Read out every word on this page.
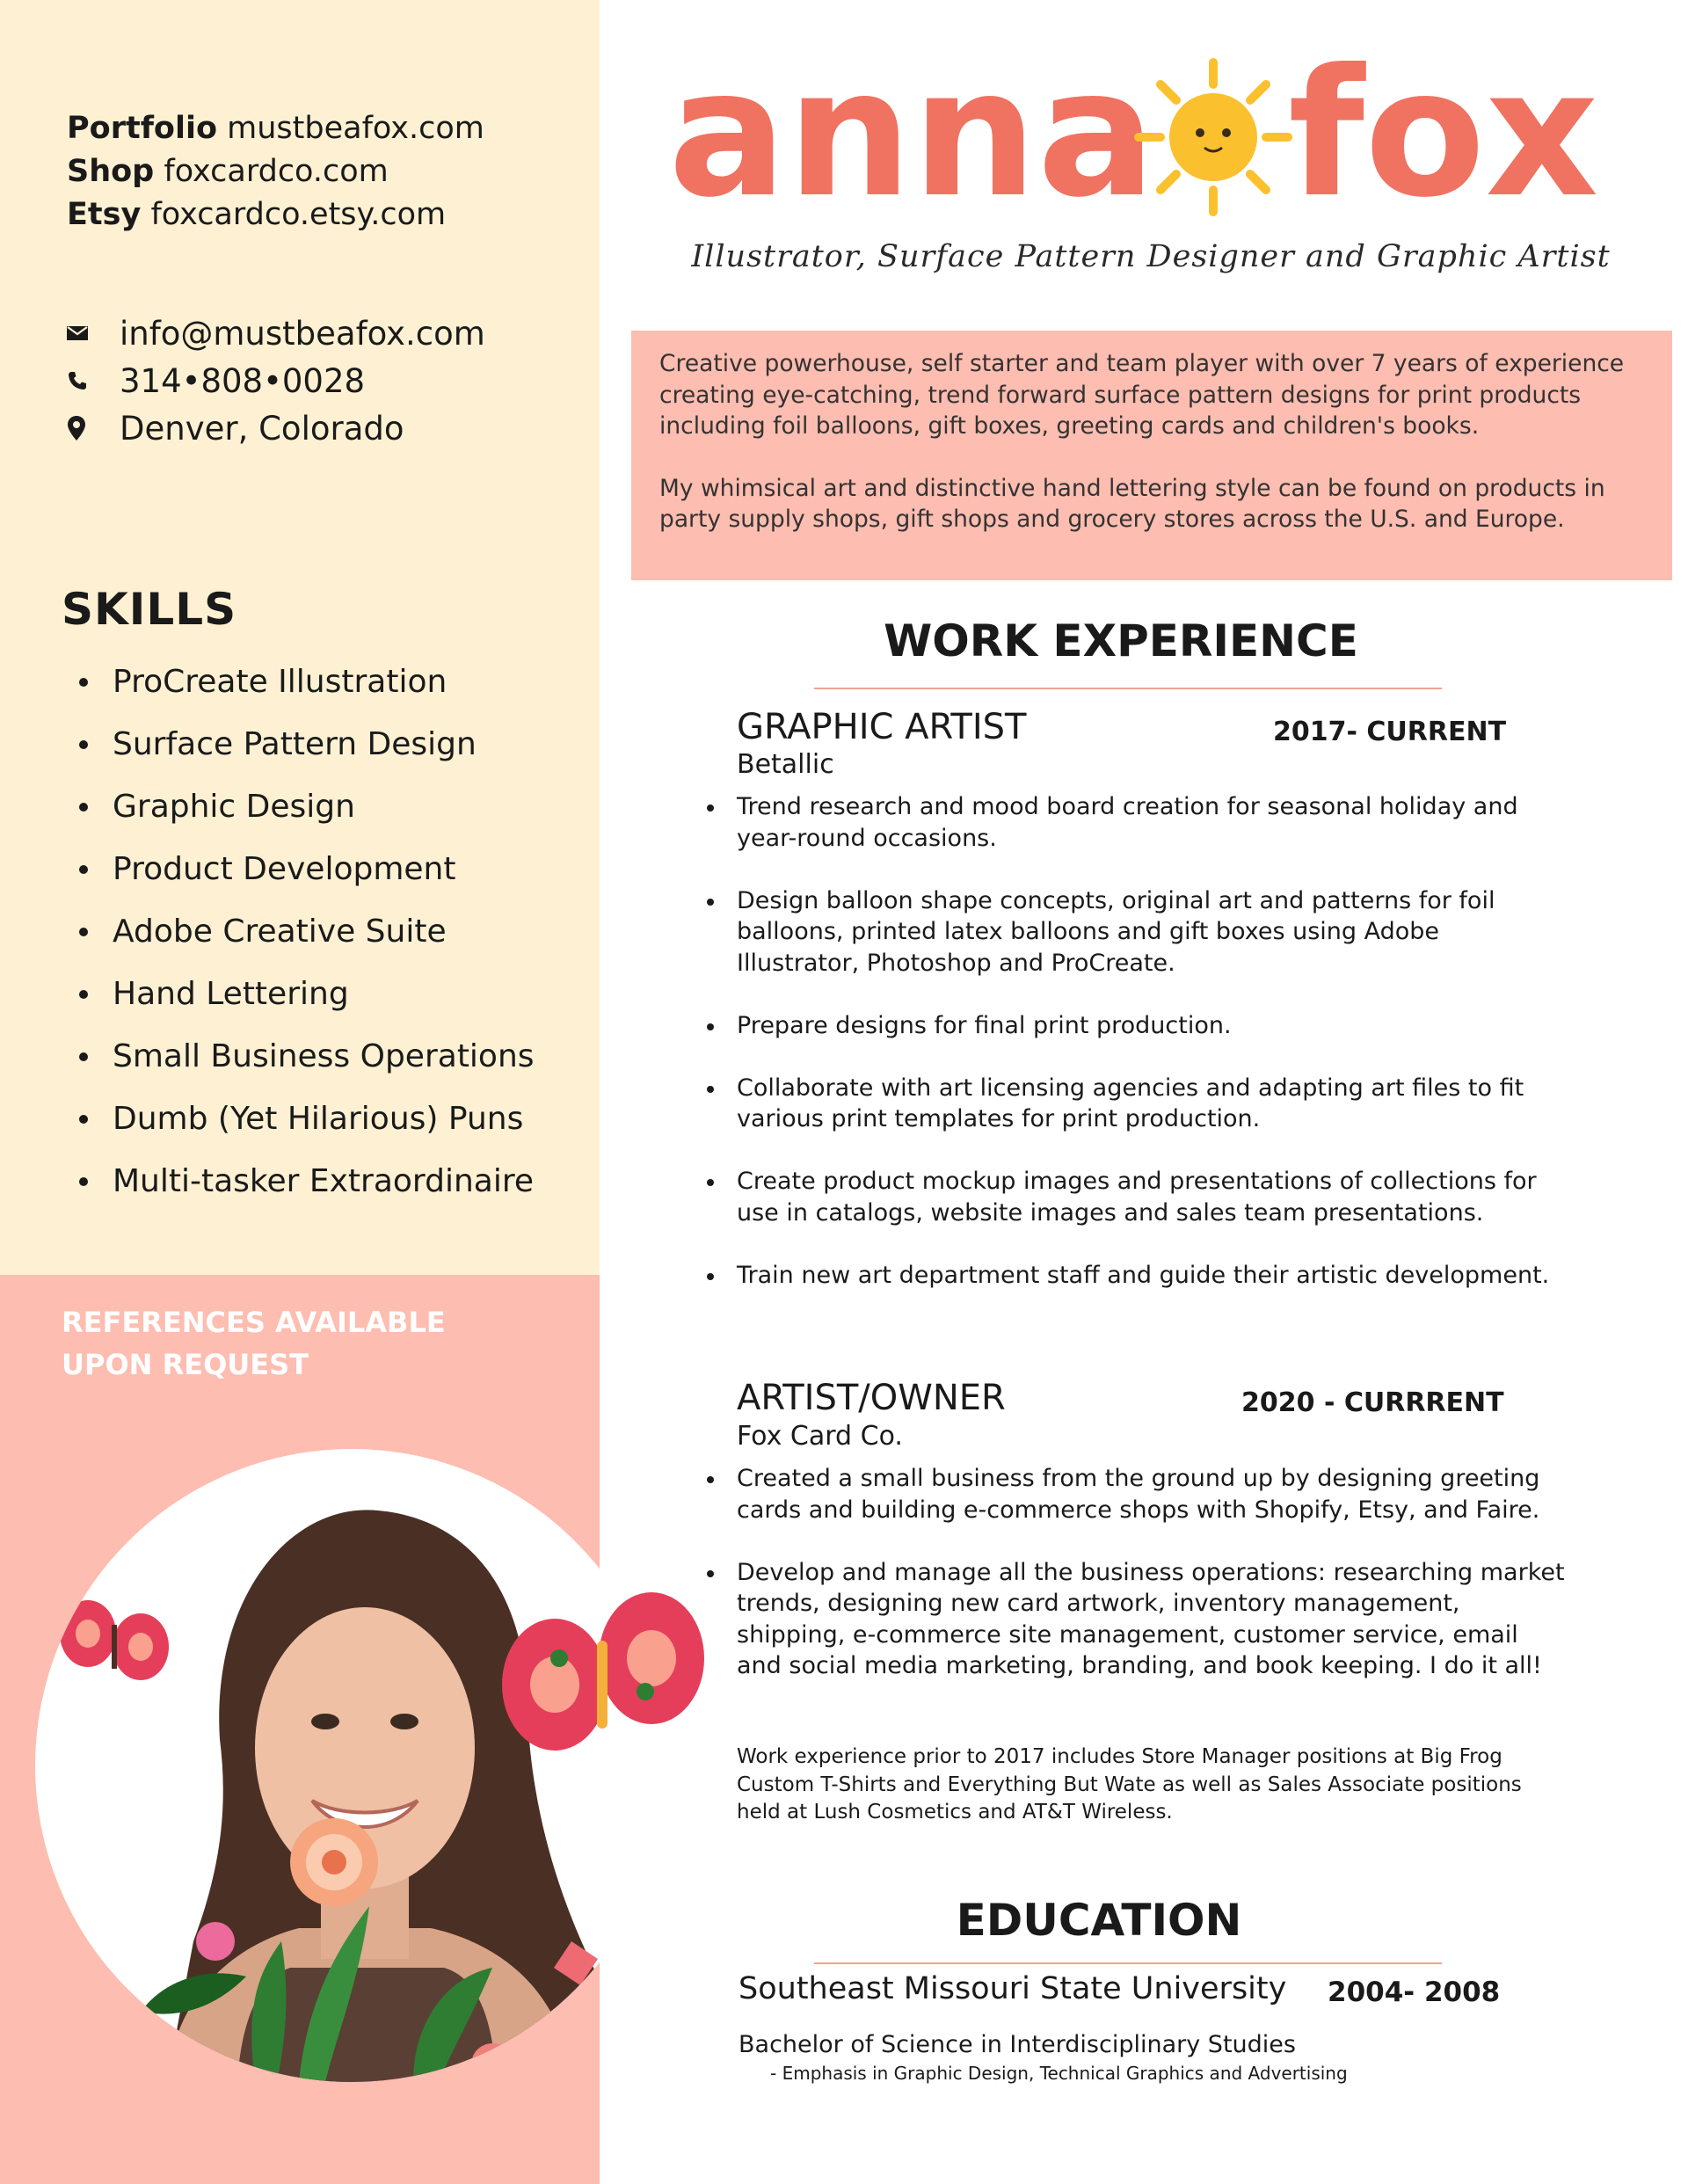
Portfolio mustbeafox.com
Shop foxcardco.com
Etsy foxcardco.etsy.com
info@mustbeafox.com
314•808•0028
Denver, Colorado
SKILLS
ProCreate Illustration
Surface Pattern Design
Graphic Design
Product Development
Adobe Creative Suite
Hand Lettering
Small Business Operations
Dumb (Yet Hilarious) Puns
Multi-tasker Extraordinaire
REFERENCES AVAILABLE
UPON REQUEST
anna fox
Illustrator, Surface Pattern Designer and Graphic Artist

Creative powerhouse, self starter and team player with over 7 years of experience creating eye-catching, trend forward surface pattern designs for print products including foil balloons, gift boxes, greeting cards and children's books.

My whimsical art and distinctive hand lettering style can be found on products in party supply shops, gift shops and grocery stores across the U.S. and Europe.

WORK EXPERIENCE
GRAPHIC ARTIST	2017- CURRENT
Betallic
Trend research and mood board creation for seasonal holiday and year-round occasions.
Design balloon shape concepts, original art and patterns for foil balloons, printed latex balloons and gift boxes using Adobe Illustrator, Photoshop and ProCreate.
Prepare designs for final print production.
Collaborate with art licensing agencies and adapting art files to fit various print templates for print production.
Create product mockup images and presentations of collections for use in catalogs, website images and sales team presentations.
Train new art department staff and guide their artistic development.
ARTIST/OWNER	2020 - CURRRENT
Fox Card Co.
Created a small business from the ground up by designing greeting cards and building e-commerce shops with Shopify, Etsy, and Faire.
Develop and manage all the business operations: researching market trends, designing new card artwork, inventory management, shipping, e-commerce site management, customer service, email and social media marketing, branding, and book keeping. I do it all!
Work experience prior to 2017 includes Store Manager positions at Big Frog Custom T-Shirts and Everything But Wate as well as Sales Associate positions held at Lush Cosmetics and AT&T Wireless.
EDUCATION
Southeast Missouri State University 2004- 2008
Bachelor of Science in Interdisciplinary Studies
- Emphasis in Graphic Design, Technical Graphics and Advertising
